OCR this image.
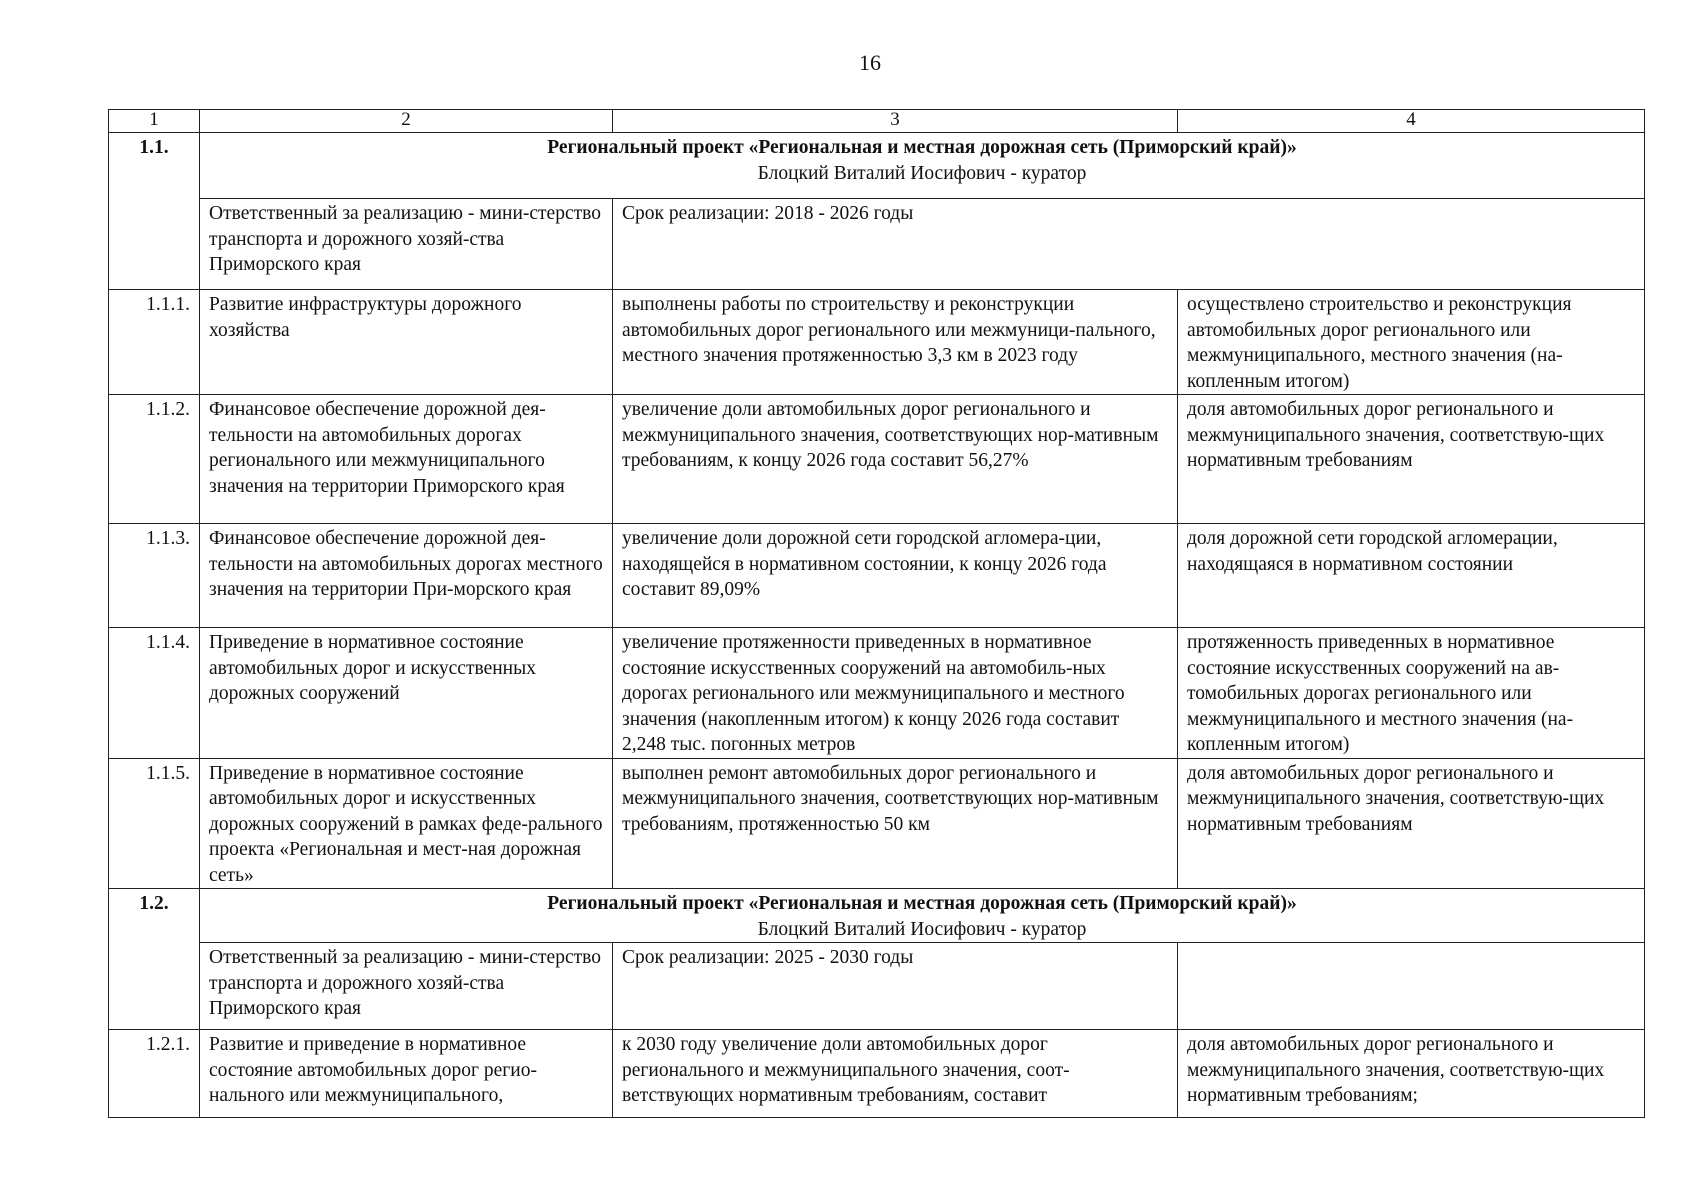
16
1	2	3	4
1.1.	Региональный проект «Региональная и местная дорожная сеть (Приморский край)»
Блоцкий Виталий Иосифович - куратор		

	Ответственный за реализацию - мини-стерство транспорта и дорожного хозяй-ства Приморского края	Срок реализации: 2018 - 2026 годы	
1.1.1.	Развитие инфраструктуры дорожного хозяйства	выполнены работы по строительству и реконструкции автомобильных дорог регионального или межмуници-пального, местного значения протяженностью 3,3 км в 2023 году	осуществлено строительство и реконструкция автомобильных дорог регионального или межмуниципального, местного значения (на-копленным итогом)
1.1.2.	Финансовое обеспечение дорожной дея-тельности на автомобильных дорогах регионального или межмуниципального значения на территории Приморского края	увеличение доли автомобильных дорог регионального и межмуниципального значения, соответствующих нор-мативным требованиям, к концу 2026 года составит 56,27%	доля автомобильных дорог регионального и межмуниципального значения, соответствую-щих нормативным требованиям
1.1.3.	Финансовое обеспечение дорожной дея-тельности на автомобильных дорогах местного значения на территории При-морского края	увеличение доли дорожной сети городской агломера-ции, находящейся в нормативном состоянии, к концу 2026 года составит 89,09%	доля дорожной сети городской агломерации, находящаяся в нормативном состоянии
1.1.4.	Приведение в нормативное состояние автомобильных дорог и искусственных дорожных сооружений	увеличение протяженности приведенных в нормативное состояние искусственных сооружений на автомобиль-ных дорогах регионального или межмуниципального и местного значения (накопленным итогом) к концу 2026 года составит 2,248 тыс. погонных метров	протяженность приведенных в нормативное состояние искусственных сооружений на ав-томобильных дорогах регионального или межмуниципального и местного значения (на-копленным итогом)
1.1.5.	Приведение в нормативное состояние автомобильных дорог и искусственных дорожных сооружений в рамках феде-рального проекта «Региональная и мест-ная дорожная сеть»	выполнен ремонт автомобильных дорог регионального и межмуниципального значения, соответствующих нор-мативным требованиям, протяженностью 50 км	доля автомобильных дорог регионального и межмуниципального значения, соответствую-щих нормативным требованиям
1.2.	Региональный проект «Региональная и местная дорожная сеть (Приморский край)»
Блоцкий Виталий Иосифович - куратор		

	Ответственный за реализацию - мини-стерство транспорта и дорожного хозяй-ства Приморского края	Срок реализации: 2025 - 2030 годы	
1.2.1.	Развитие и приведение в нормативное состояние автомобильных дорог регио-нального или межмуниципального,	к 2030 году увеличение доли автомобильных дорог регионального и межмуниципального значения, соот-ветствующих нормативным требованиям, составит	доля автомобильных дорог регионального и межмуниципального значения, соответствую-щих нормативным требованиям;
